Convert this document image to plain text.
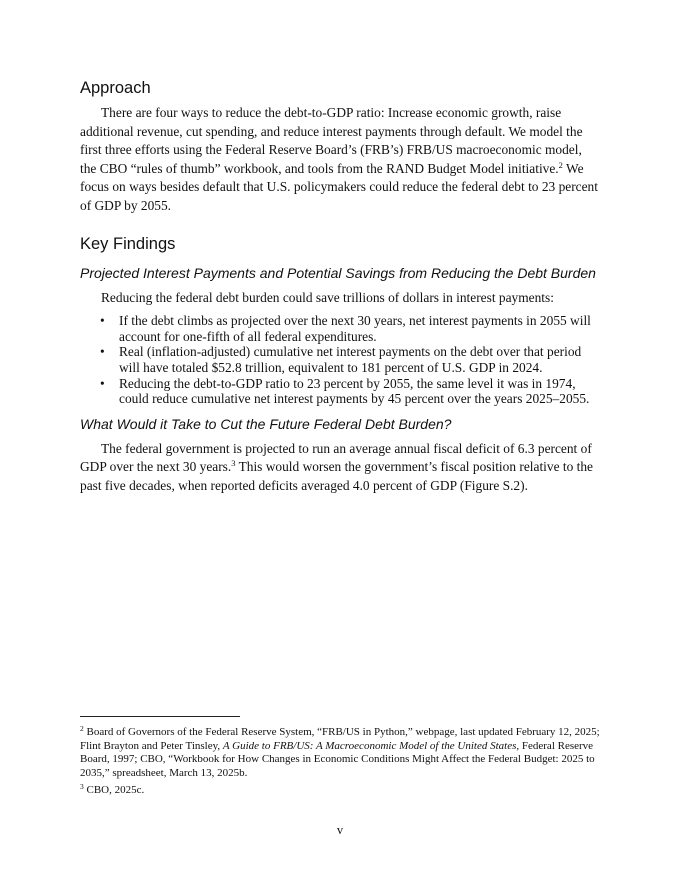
Approach

There are four ways to reduce the debt-to-GDP ratio: Increase economic growth, raise additional revenue, cut spending, and reduce interest payments through default. We model the first three efforts using the Federal Reserve Board’s (FRB’s) FRB/US macroeconomic model, the CBO “rules of thumb” workbook, and tools from the RAND Budget Model initiative.$^2$ We focus on ways besides default that U.S. policymakers could reduce the federal debt to 23 percent of GDP by 2055.

Key Findings
Projected Interest Payments and Potential Savings from Reducing the Debt Burden

Reducing the federal debt burden could save trillions of dollars in interest payments:

• If the debt climbs as projected over the next 30 years, net interest payments in 2055 will account for one-fifth of all federal expenditures.
• Real (inflation-adjusted) cumulative net interest payments on the debt over that period will have totaled $52.8 trillion, equivalent to 181 percent of U.S. GDP in 2024.
• Reducing the debt-to-GDP ratio to 23 percent by 2055, the same level it was in 1974, could reduce cumulative net interest payments by 45 percent over the years 2025–2055.
What Would it Take to Cut the Future Federal Debt Burden?

The federal government is projected to run an average annual fiscal deficit of 6.3 percent of GDP over the next 30 years.$^3$ This would worsen the government’s fiscal position relative to the past five decades, when reported deficits averaged 4.0 percent of GDP (Figure S.2).

$^2$ Board of Governors of the Federal Reserve System, “FRB/US in Python,” webpage, last updated February 12, 2025; Flint Brayton and Peter Tinsley, A Guide to FRB/US: A Macroeconomic Model of the United States, Federal Reserve Board, 1997; CBO, “Workbook for How Changes in Economic Conditions Might Affect the Federal Budget: 2025 to 2035,” spreadsheet, March 13, 2025b.
$^3$ CBO, 2025c.
v
